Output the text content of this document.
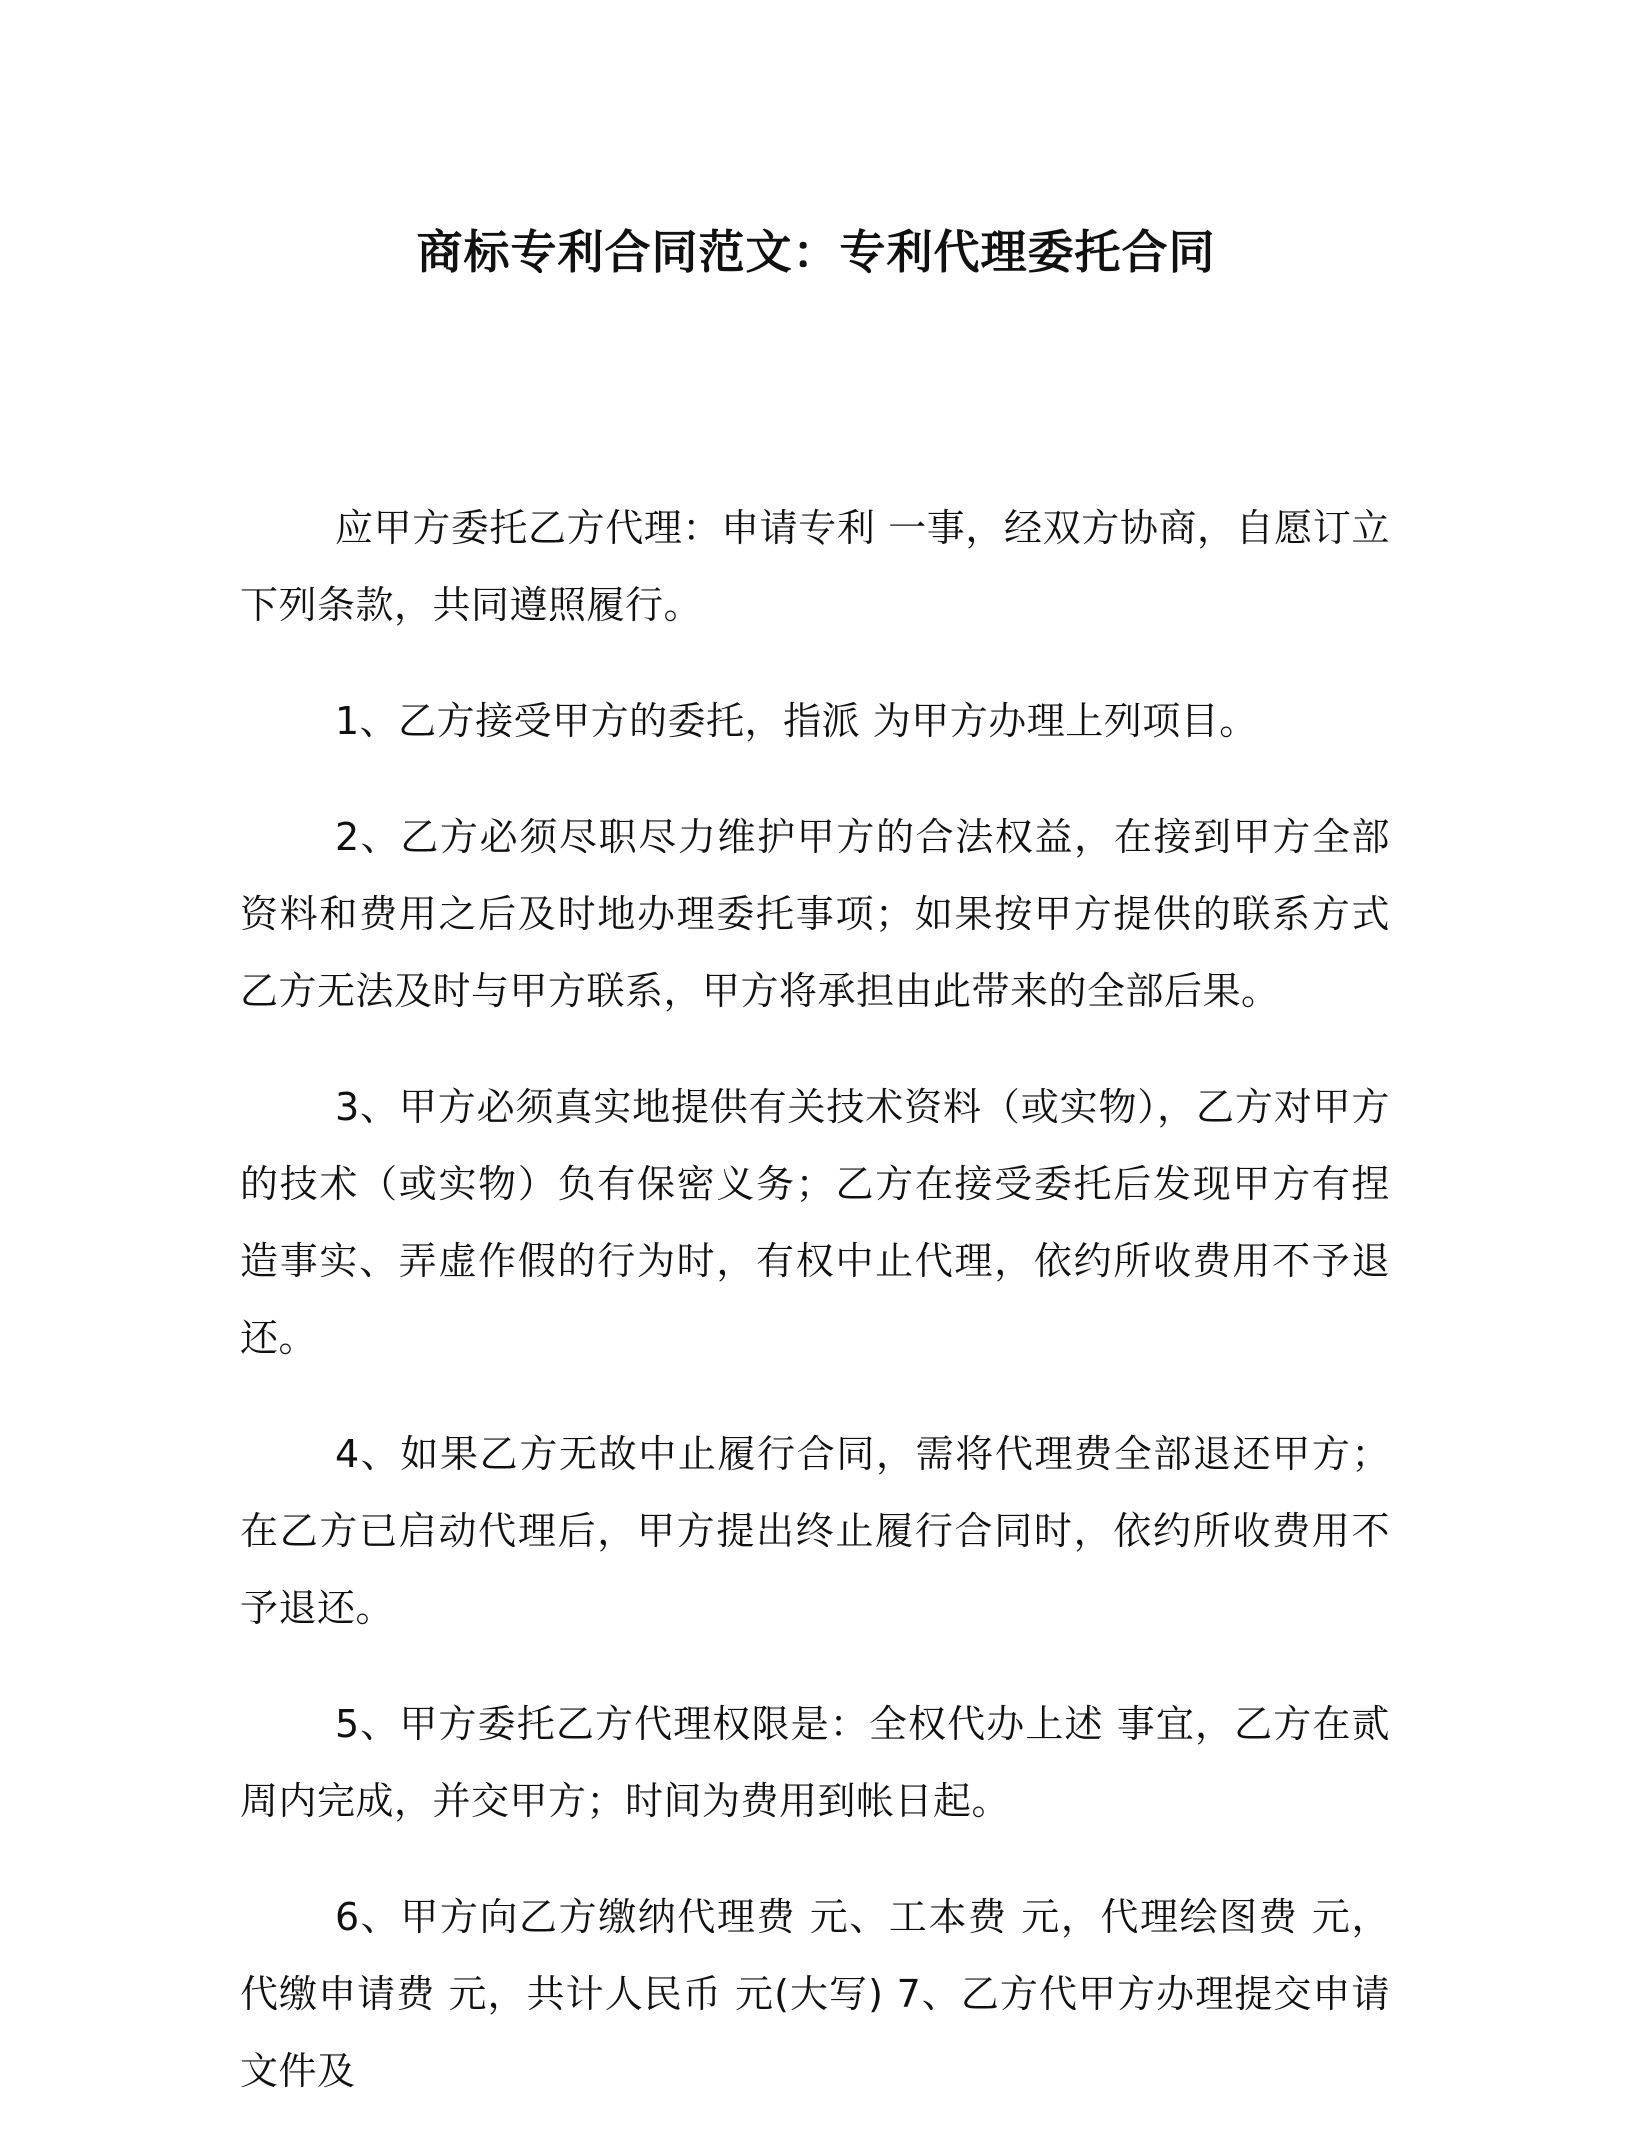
商标专利合同范文：专利代理委托合同

应甲方委托乙方代理：申请专利 一事，经双方协商，自愿订立下列条款，共同遵照履行。

1、乙方接受甲方的委托，指派 为甲方办理上列项目。

2、乙方必须尽职尽力维护甲方的合法权益，在接到甲方全部资料和费用之后及时地办理委托事项；如果按甲方提供的联系方式乙方无法及时与甲方联系，甲方将承担由此带来的全部后果。

3、甲方必须真实地提供有关技术资料（或实物），乙方对甲方的技术（或实物）负有保密义务；乙方在接受委托后发现甲方有捏造事实、弄虚作假的行为时，有权中止代理，依约所收费用不予退还。

4、如果乙方无故中止履行合同，需将代理费全部退还甲方；在乙方已启动代理后，甲方提出终止履行合同时，依约所收费用不予退还。

5、甲方委托乙方代理权限是：全权代办上述 事宜，乙方在贰周内完成，并交甲方；时间为费用到帐日起。

6、甲方向乙方缴纳代理费 元、工本费 元，代理绘图费 元，代缴申请费 元，共计人民币 元(大写) 7、乙方代甲方办理提交申请文件及
